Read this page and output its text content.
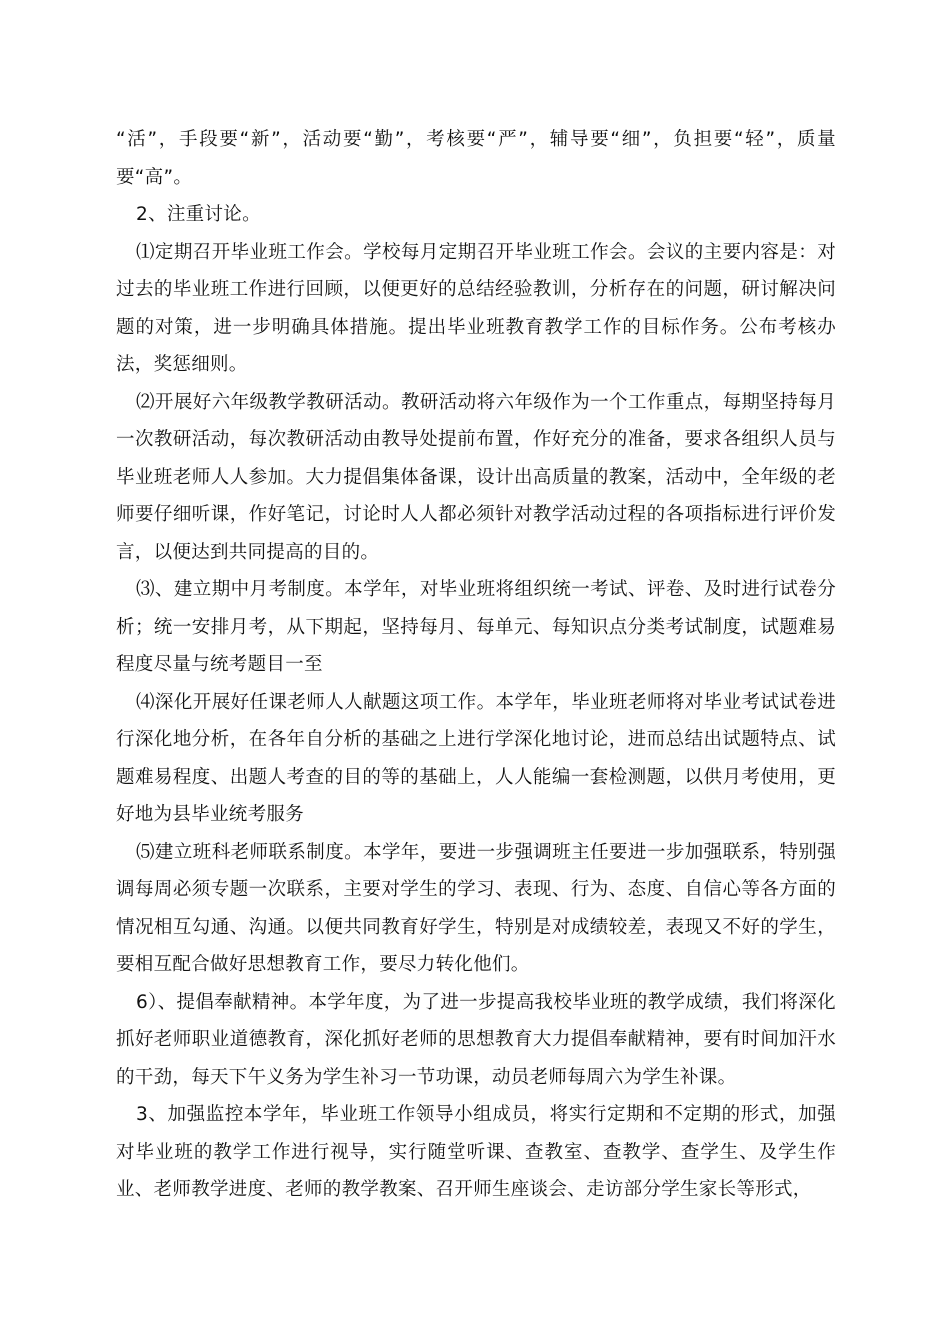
“活”，手段要“新”，活动要“勤”，考核要“严”，辅导要“细”，负担要“轻”，质量要“高”。

2、注重讨论。

⑴定期召开毕业班工作会。学校每月定期召开毕业班工作会。会议的主要内容是：对过去的毕业班工作进行回顾，以便更好的总结经验教训，分析存在的问题，研讨解决问题的对策，进一步明确具体措施。提出毕业班教育教学工作的目标作务。公布考核办法，奖惩细则。

⑵开展好六年级教学教研活动。教研活动将六年级作为一个工作重点，每期坚持每月一次教研活动，每次教研活动由教导处提前布置，作好充分的准备，要求各组织人员与毕业班老师人人参加。大力提倡集体备课，设计出高质量的教案，活动中，全年级的老师要仔细听课，作好笔记，讨论时人人都必须针对教学活动过程的各项指标进行评价发言，以便达到共同提高的目的。

⑶、建立期中月考制度。本学年，对毕业班将组织统一考试、评卷、及时进行试卷分析；统一安排月考，从下期起，坚持每月、每单元、每知识点分类考试制度，试题难易程度尽量与统考题目一至

⑷深化开展好任课老师人人献题这项工作。本学年，毕业班老师将对毕业考试试卷进行深化地分析，在各年自分析的基础之上进行学深化地讨论，进而总结出试题特点、试题难易程度、出题人考查的目的等的基础上，人人能编一套检测题，以供月考使用，更好地为县毕业统考服务

⑸建立班科老师联系制度。本学年，要进一步强调班主任要进一步加强联系，特别强调每周必须专题一次联系，主要对学生的学习、表现、行为、态度、自信心等各方面的情况相互勾通、沟通。以便共同教育好学生，特别是对成绩较差，表现又不好的学生，要相互配合做好思想教育工作，要尽力转化他们。

6）、提倡奉献精神。本学年度，为了进一步提高我校毕业班的教学成绩，我们将深化抓好老师职业道德教育，深化抓好老师的思想教育大力提倡奉献精神，要有时间加汗水的干劲，每天下午义务为学生补习一节功课，动员老师每周六为学生补课。

3、加强监控本学年，毕业班工作领导小组成员，将实行定期和不定期的形式，加强对毕业班的教学工作进行视导，实行随堂听课、查教室、查教学、查学生、及学生作业、老师教学进度、老师的教学教案、召开师生座谈会、走访部分学生家长等形式，
